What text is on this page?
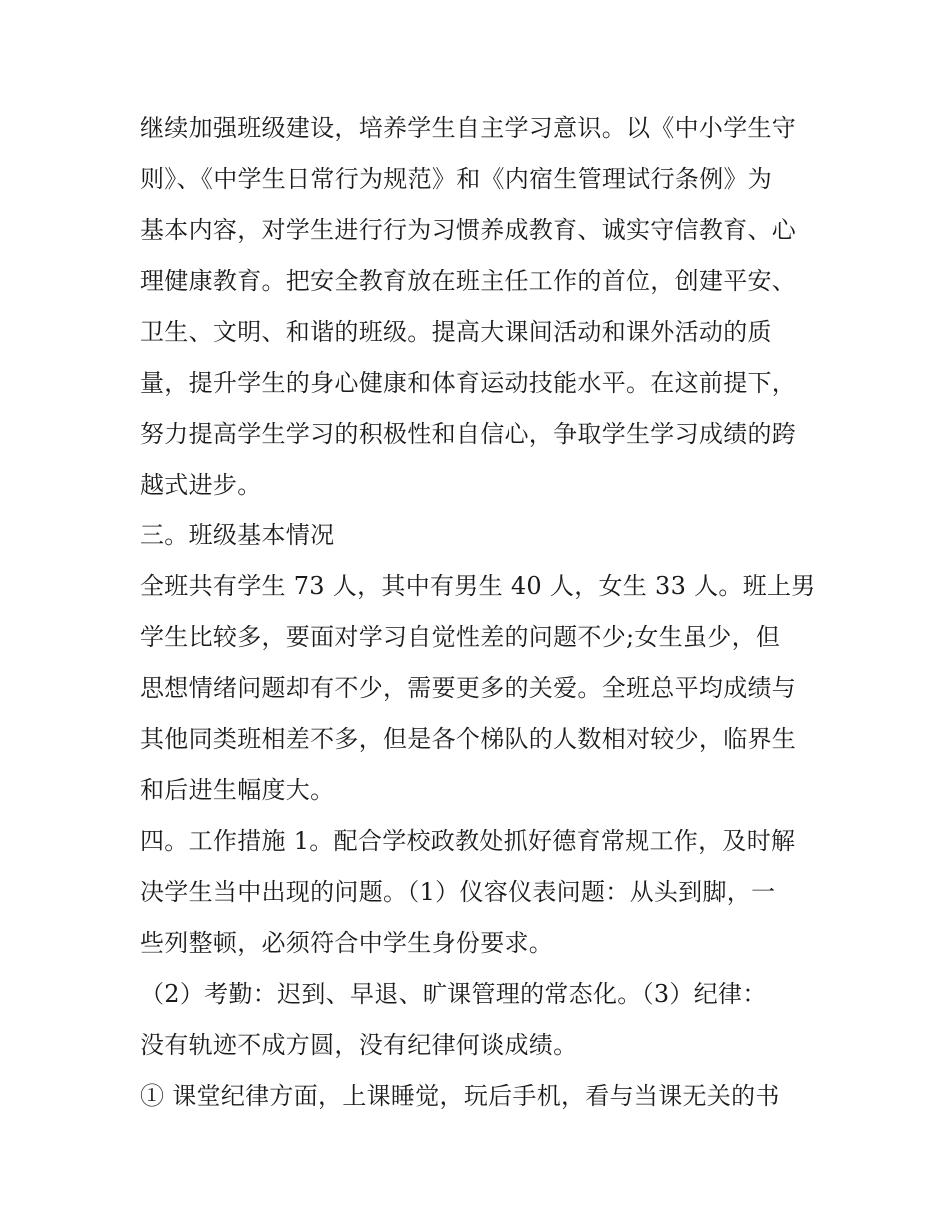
继续加强班级建设，培养学生自主学习意识。以《中小学生守
则》、《中学生日常行为规范》和《内宿生管理试行条例》为
基本内容，对学生进行行为习惯养成教育、诚实守信教育、心
理健康教育。把安全教育放在班主任工作的首位，创建平安、
卫生、文明、和谐的班级。提高大课间活动和课外活动的质
量，提升学生的身心健康和体育运动技能水平。在这前提下，
努力提高学生学习的积极性和自信心，争取学生学习成绩的跨
越式进步。
三。班级基本情况
全班共有学生 73 人，其中有男生 40 人，女生 33 人。班上男
学生比较多，要面对学习自觉性差的问题不少;女生虽少，但
思想情绪问题却有不少，需要更多的关爱。全班总平均成绩与
其他同类班相差不多，但是各个梯队的人数相对较少，临界生
和后进生幅度大。
四。工作措施 1。配合学校政教处抓好德育常规工作，及时解
决学生当中出现的问题。（1）仪容仪表问题：从头到脚，一
些列整顿，必须符合中学生身份要求。
（2）考勤：迟到、早退、旷课管理的常态化。（3）纪律：
没有轨迹不成方圆，没有纪律何谈成绩。
① 课堂纪律方面，上课睡觉，玩后手机，看与当课无关的书
